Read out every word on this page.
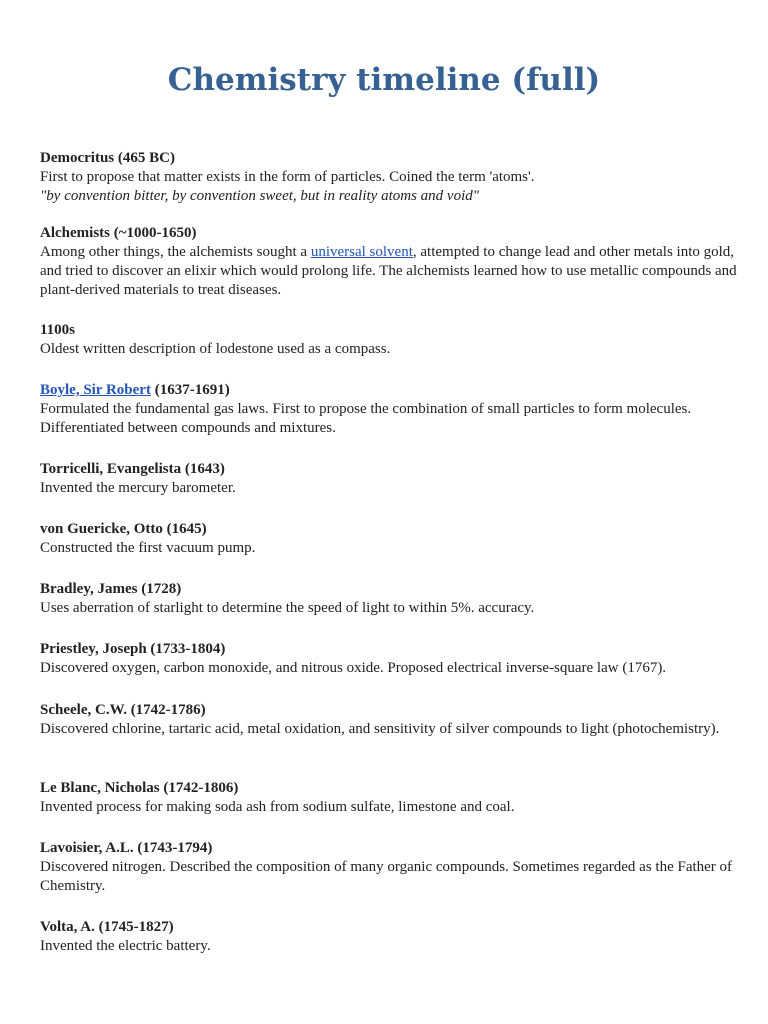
Chemistry timeline (full)
Democritus (465 BC)
First to propose that matter exists in the form of particles. Coined the term 'atoms'.
"by convention bitter, by convention sweet, but in reality atoms and void"
Alchemists (~1000-1650)
Among other things, the alchemists sought a universal solvent, attempted to change lead and other metals into gold, and tried to discover an elixir which would prolong life. The alchemists learned how to use metallic compounds and plant-derived materials to treat diseases.
1100s
Oldest written description of lodestone used as a compass.
Boyle, Sir Robert (1637-1691)
Formulated the fundamental gas laws. First to propose the combination of small particles to form molecules. Differentiated between compounds and mixtures.
Torricelli, Evangelista (1643)
Invented the mercury barometer.
von Guericke, Otto (1645)
Constructed the first vacuum pump.
Bradley, James (1728)
Uses aberration of starlight to determine the speed of light to within 5%. accuracy.
Priestley, Joseph (1733-1804)
Discovered oxygen, carbon monoxide, and nitrous oxide. Proposed electrical inverse-square law (1767).
Scheele, C.W. (1742-1786)
Discovered chlorine, tartaric acid, metal oxidation, and sensitivity of silver compounds to light (photochemistry).
Le Blanc, Nicholas (1742-1806)
Invented process for making soda ash from sodium sulfate, limestone and coal.
Lavoisier, A.L. (1743-1794)
Discovered nitrogen. Described the composition of many organic compounds. Sometimes regarded as the Father of Chemistry.
Volta, A. (1745-1827)
Invented the electric battery.
